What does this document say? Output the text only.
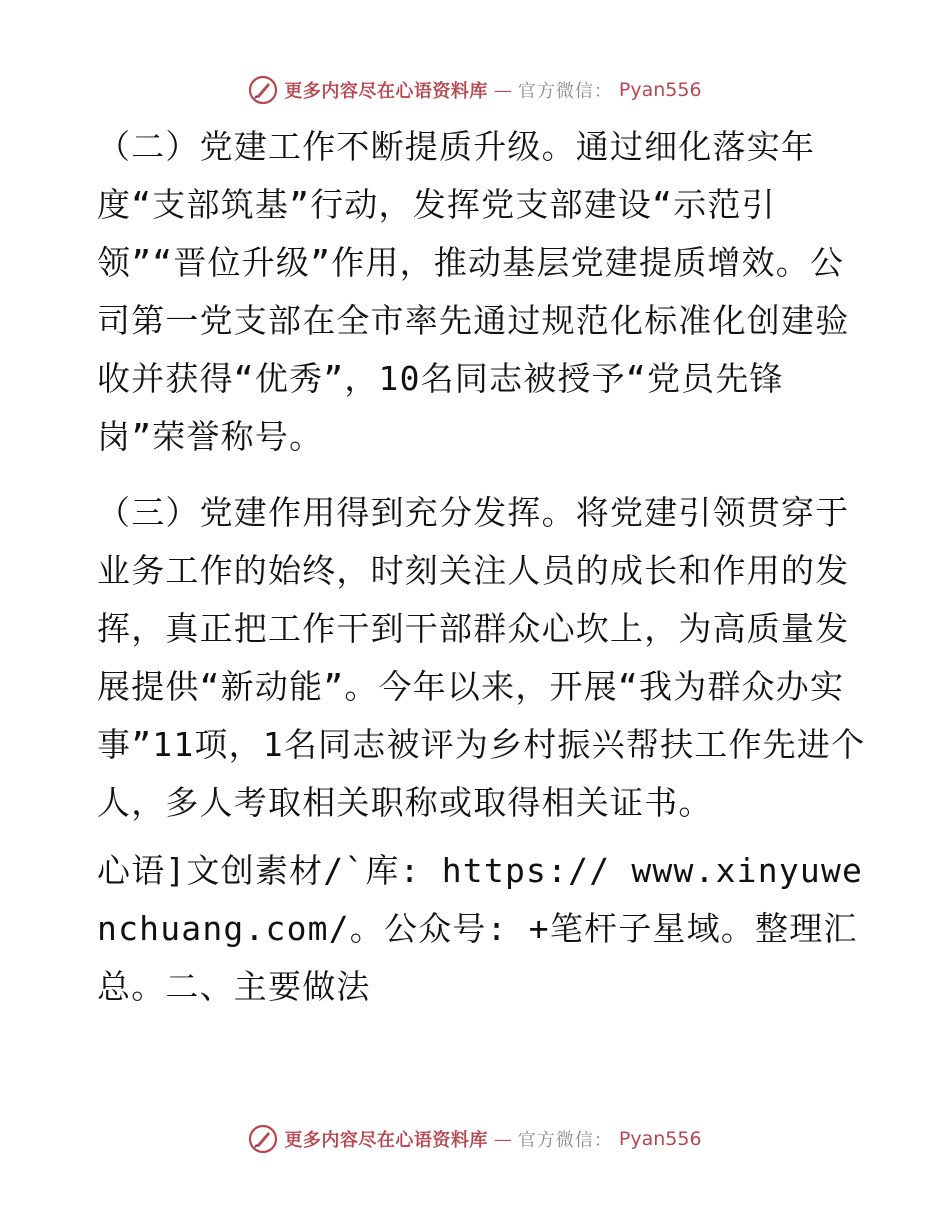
更多内容尽在心语资料库 — 官方微信： Pyan556

（二）党建工作不断提质升级。通过细化落实年度“支部筑基”行动，发挥党支部建设“示范引领”“晋位升级”作用，推动基层党建提质增效。公司第一党支部在全市率先通过规范化标准化创建验收并获得“优秀”，10名同志被授予“党员先锋岗”荣誉称号。

（三）党建作用得到充分发挥。将党建引领贯穿于业务工作的始终，时刻关注人员的成长和作用的发挥，真正把工作干到干部群众心坎上，为高质量发展提供“新动能”。今年以来，开展“我为群众办实事”11项，1名同志被评为乡村振兴帮扶工作先进个人，多人考取相关职称或取得相关证书。

心语]文创素材/`库: https:// www.xinyuwenchuang.com/。公众号: +笔杆子星域。整理汇总。二、主要做法

更多内容尽在心语资料库 — 官方微信： Pyan556
